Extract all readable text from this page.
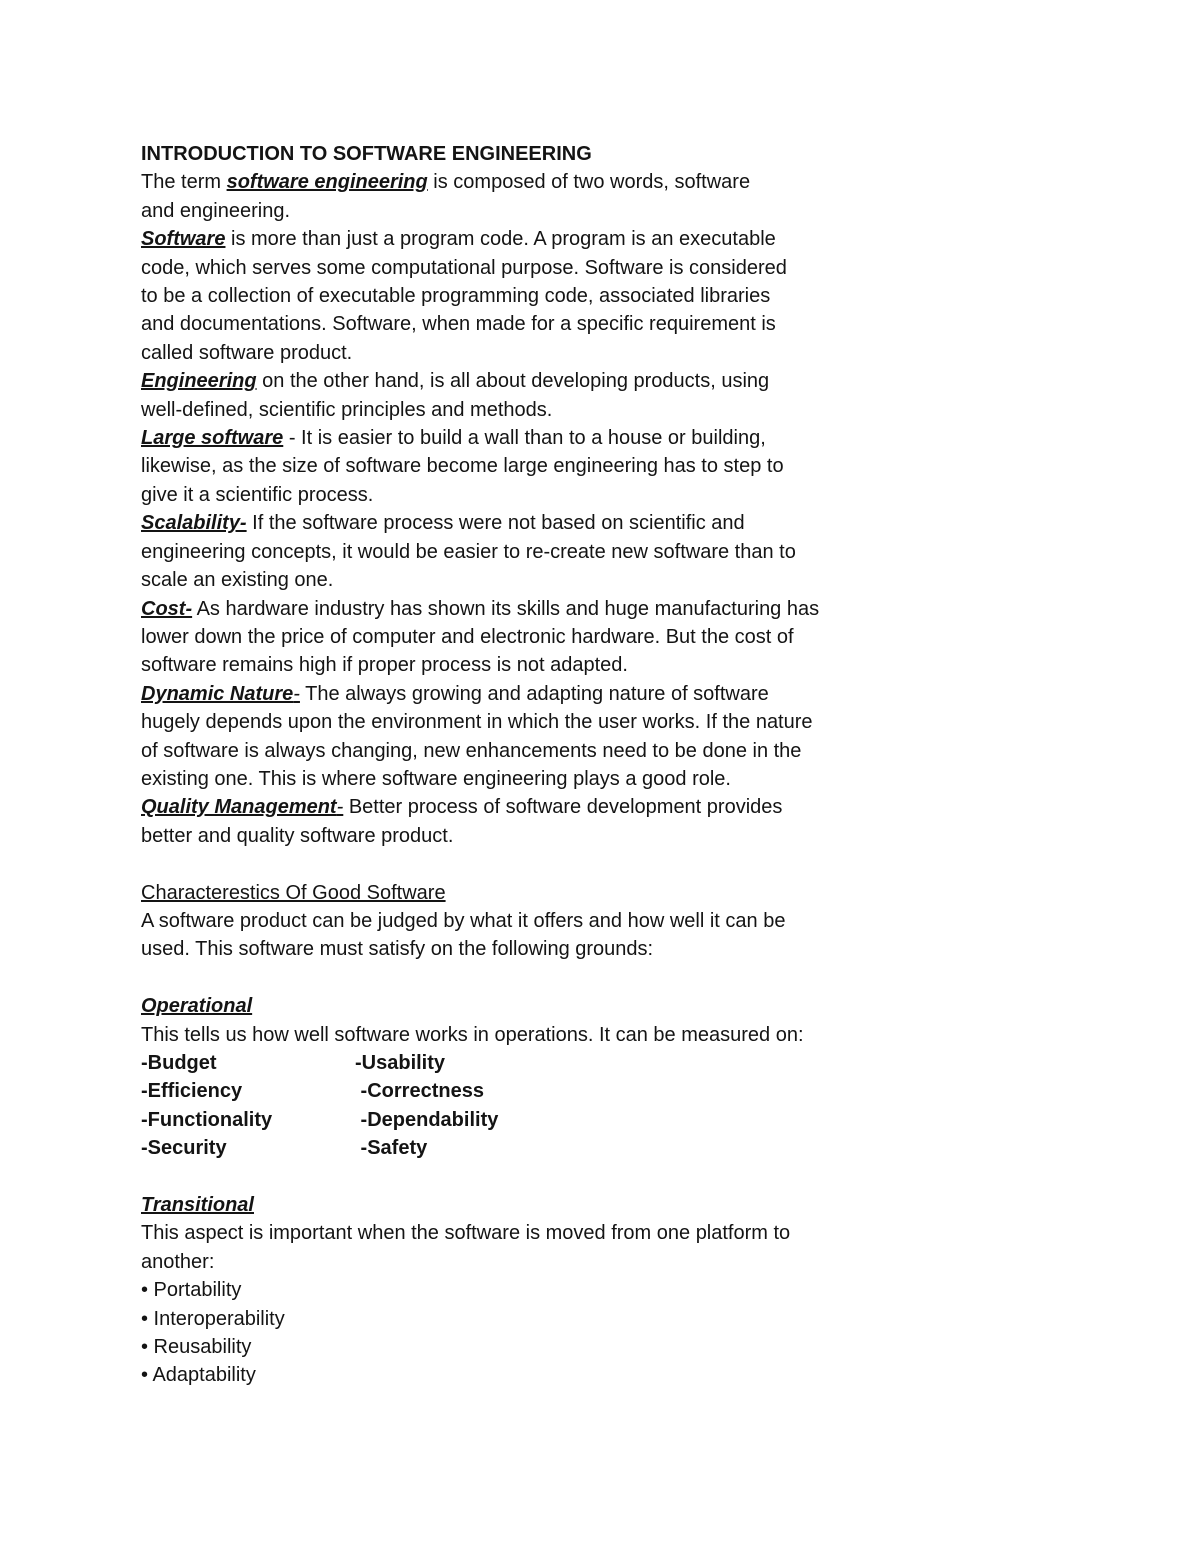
INTRODUCTION TO SOFTWARE ENGINEERING
The term software engineering is composed of two words, software
and engineering.
Software is more than just a program code. A program is an executable
code, which serves some computational purpose. Software is considered
to be a collection of executable programming code, associated libraries
and documentations. Software, when made for a specific requirement is
called software product.
Engineering on the other hand, is all about developing products, using
well-defined, scientific principles and methods.
Large software - It is easier to build a wall than to a house or building,
likewise, as the size of software become large engineering has to step to
give it a scientific process.
Scalability- If the software process were not based on scientific and
engineering concepts, it would be easier to re-create new software than to
scale an existing one.
Cost- As hardware industry has shown its skills and huge manufacturing has
lower down the price of computer and electronic hardware. But the cost of
software remains high if proper process is not adapted.
Dynamic Nature- The always growing and adapting nature of software
hugely depends upon the environment in which the user works. If the nature
of software is always changing, new enhancements need to be done in the
existing one. This is where software engineering plays a good role.
Quality Management- Better process of software development provides
better and quality software product.
Characterestics Of Good Software
A software product can be judged by what it offers and how well it can be
used. This software must satisfy on the following grounds:
Operational
This tells us how well software works in operations. It can be measured on:
-Budget	-Usability
-Efficiency	-Correctness
-Functionality	-Dependability
-Security	-Safety
Transitional
This aspect is important when the software is moved from one platform to
another:
• Portability
• Interoperability
• Reusability
• Adaptability
